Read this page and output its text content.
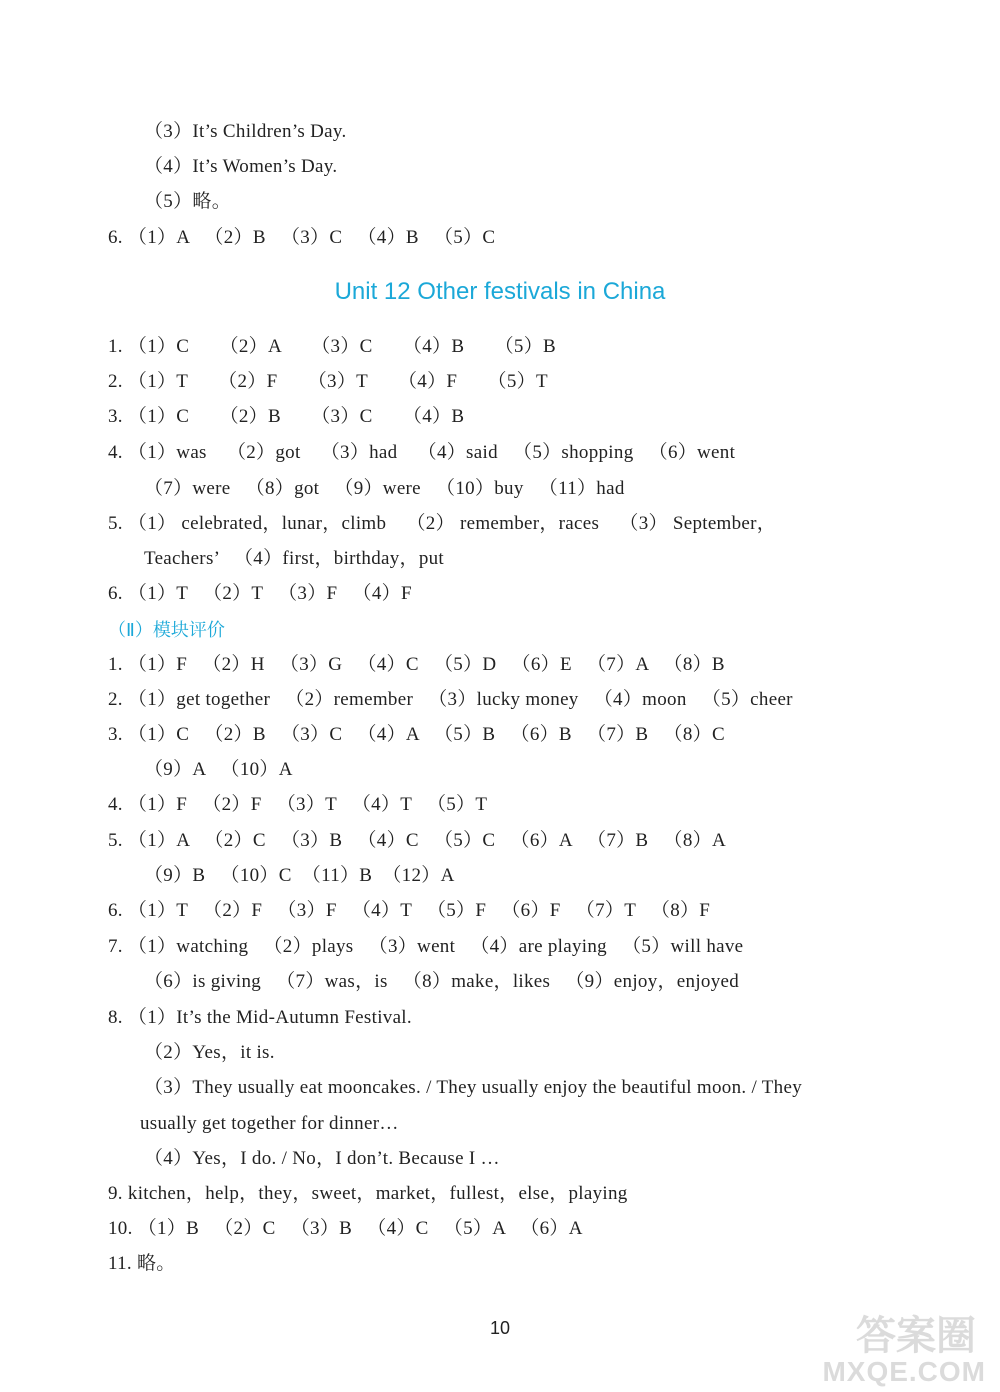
（3）It’s Children’s Day.
（4）It’s Women’s Day.
（5）略。
6. （1）A   （2）B   （3）C   （4）B   （5）C
Unit 12 Other festivals in China
1. （1）C      （2）A      （3）C      （4）B      （5）B
2. （1）T      （2）F      （3）T      （4）F      （5）T
3. （1）C      （2）B      （3）C      （4）B
4. （1）was    （2）got    （3）had    （4）said   （5）shopping   （6）went
（7）were   （8）got   （9）were   （10）buy   （11）had
5. （1） celebrated，lunar，climb    （2） remember，races    （3） September，
Teachers’   （4）first，birthday，put
6. （1）T   （2）T   （3）F   （4）F
（Ⅱ）模块评价
1. （1）F   （2）H   （3）G   （4）C   （5）D   （6）E   （7）A   （8）B
2. （1）get together   （2）remember   （3）lucky money   （4）moon   （5）cheer
3. （1）C   （2）B   （3）C   （4）A   （5）B   （6）B   （7）B   （8）C
（9）A   （10）A
4. （1）F   （2）F   （3）T   （4）T   （5）T
5. （1）A   （2）C   （3）B   （4）C   （5）C   （6）A   （7）B   （8）A
（9）B   （10）C  （11）B  （12）A
6. （1）T   （2）F   （3）F   （4）T   （5）F   （6）F   （7）T   （8）F
7. （1）watching   （2）plays   （3）went   （4）are playing   （5）will have
（6）is giving   （7）was，is   （8）make，likes   （9）enjoy，enjoyed
8. （1）It’s the Mid-Autumn Festival.
（2）Yes，it is.
（3）They usually eat mooncakes. / They usually enjoy the beautiful moon. / They
usually get together for dinner…
（4）Yes，I do. / No，I don’t. Because I …
9. kitchen，help，they，sweet，market，fullest，else，playing
10. （1）B   （2）C   （3）B   （4）C   （5）A   （6）A
11. 略。
10	答案圈
MXQE.COM
